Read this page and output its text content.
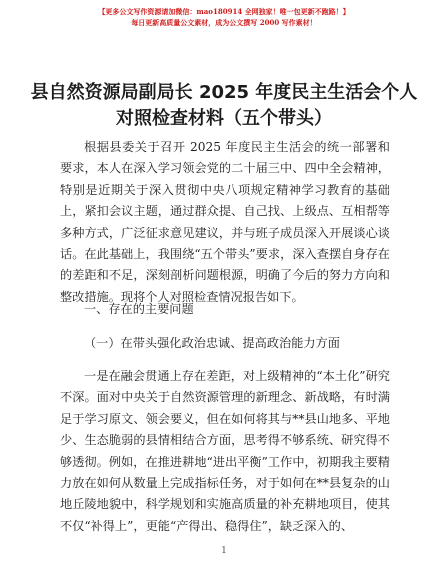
【更多公文写作资源请加微信：mao180914 全网独家！唯一包更新不跑路！】
每日更新高质量公文素材，成为公文撰写 2000 写作素材！
县自然资源局副局长 2025 年度民主生活会个人
对照检查材料（五个带头）

根据县委关于召开 2025 年度民主生活会的统一部署和要求，本人在深入学习领会党的二十届三中、四中全会精神，特别是近期关于深入贯彻中央八项规定精神学习教育的基础上，紧扣会议主题，通过群众提、自己找、上级点、互相帮等多种方式，广泛征求意见建议，并与班子成员深入开展谈心谈话。在此基础上，我围绕“五个带头”要求，深入查摆自身存在的差距和不足，深刻剖析问题根源，明确了今后的努力方向和整改措施。现将个人对照检查情况报告如下。

一、存在的主要问题
（一）在带头强化政治忠诚、提高政治能力方面

一是在融会贯通上存在差距，对上级精神的“本土化”研究不深。面对中央关于自然资源管理的新理念、新战略，有时满足于学习原文、领会要义，但在如何将其与**县山地多、平地少、生态脆弱的县情相结合方面，思考得不够系统、研究得不够透彻。例如，在推进耕地“进出平衡”工作中，初期我主要精力放在如何从数量上完成指标任务，对于如何在**县复杂的山地丘陵地貌中，科学规划和实施高质量的补充耕地项目，使其不仅“补得上”，更能“产得出、稳得住”，缺乏深入的、

1
